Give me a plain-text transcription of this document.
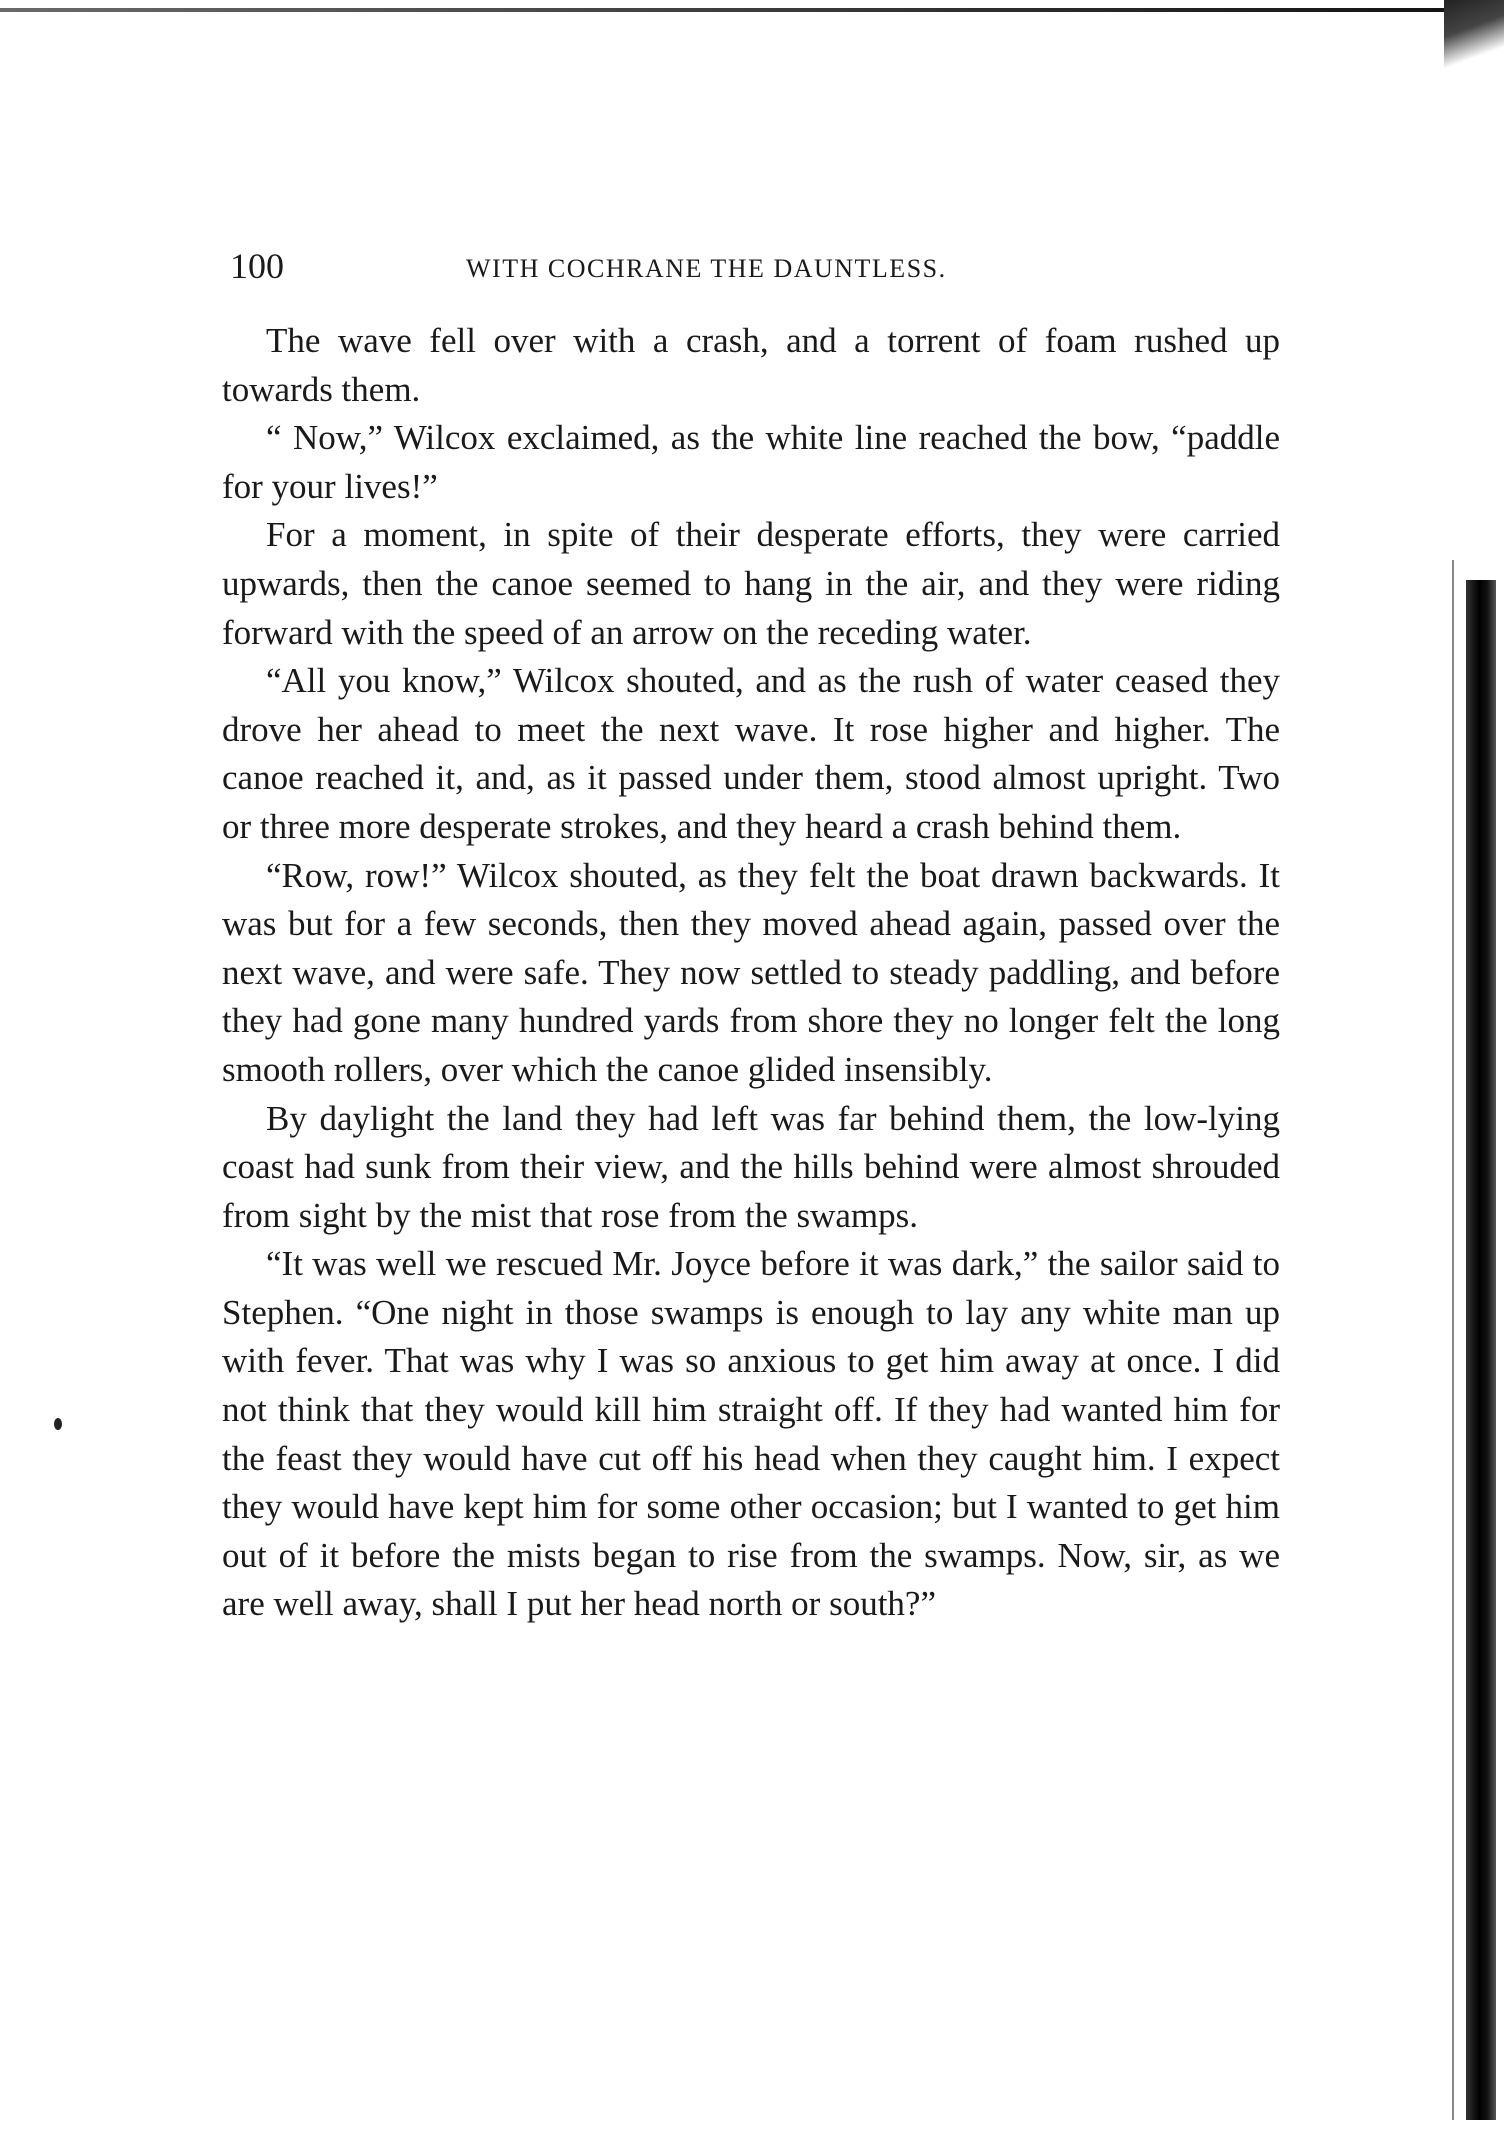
100	WITH COCHRANE THE DAUNTLESS.

The wave fell over with a crash, and a torrent of foam rushed up towards them.

“ Now,” Wilcox exclaimed, as the white line reached the bow, “paddle for your lives!”

For a moment, in spite of their desperate efforts, they were carried upwards, then the canoe seemed to hang in the air, and they were riding forward with the speed of an arrow on the receding water.

“All you know,” Wilcox shouted, and as the rush of water ceased they drove her ahead to meet the next wave. It rose higher and higher. The canoe reached it, and, as it passed under them, stood almost upright. Two or three more desperate strokes, and they heard a crash behind them.

“Row, row!” Wilcox shouted, as they felt the boat drawn backwards. It was but for a few seconds, then they moved ahead again, passed over the next wave, and were safe. They now settled to steady paddling, and before they had gone many hundred yards from shore they no longer felt the long smooth rollers, over which the canoe glided insensibly.

By daylight the land they had left was far behind them, the low-lying coast had sunk from their view, and the hills behind were almost shrouded from sight by the mist that rose from the swamps.

“It was well we rescued Mr. Joyce before it was dark,” the sailor said to Stephen. “One night in those swamps is enough to lay any white man up with fever. That was why I was so anxious to get him away at once. I did not think that they would kill him straight off. If they had wanted him for the feast they would have cut off his head when they caught him. I expect they would have kept him for some other occasion; but I wanted to get him out of it before the mists began to rise from the swamps. Now, sir, as we are well away, shall I put her head north or south?”
